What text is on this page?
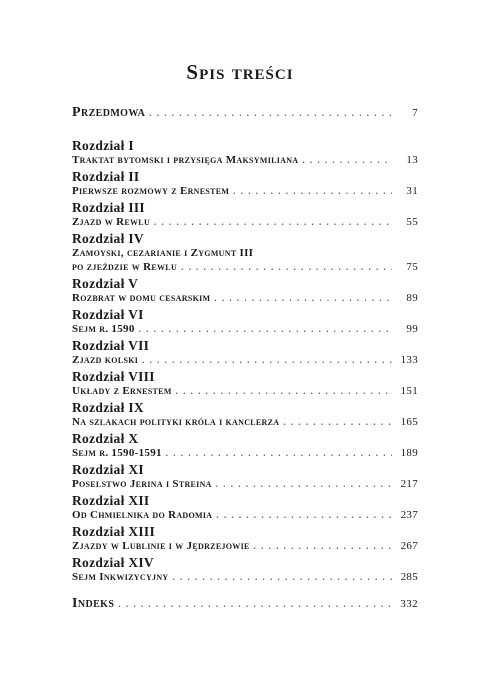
Spis treści
Przedmowa . . .	7
Rozdział I
Traktat bytomski i przysięga Maksymiliana . . .	13
Rozdział II
Pierwsze rozmowy z Ernestem . . .	31
Rozdział III
Zjazd w Rewlu . . .	55
Rozdział IV
Zamoyski, cezarianie i Zygmunt III
po zjeździe w Rewlu . . .	75
Rozdział V
Rozbrat w domu cesarskim . . .	89
Rozdział VI
Sejm r. 1590 . . .	99
Rozdział VII
Zjazd kolski . . .	133
Rozdział VIII
Układy z Ernestem . . .	151
Rozdział IX
Na szlakach polityki króla i kanclerza . . .	165
Rozdział X
Sejm r. 1590-1591 . . .	189
Rozdział XI
Poselstwo Jerina i Streina . . .	217
Rozdział XII
Od Chmielnika do Radomia . . .	237
Rozdział XIII
Zjazdy w Lublinie i w Jędrzejowie . . .	267
Rozdział XIV
Sejm Inkwizycyjny . . .	285
Indeks . . .	332
